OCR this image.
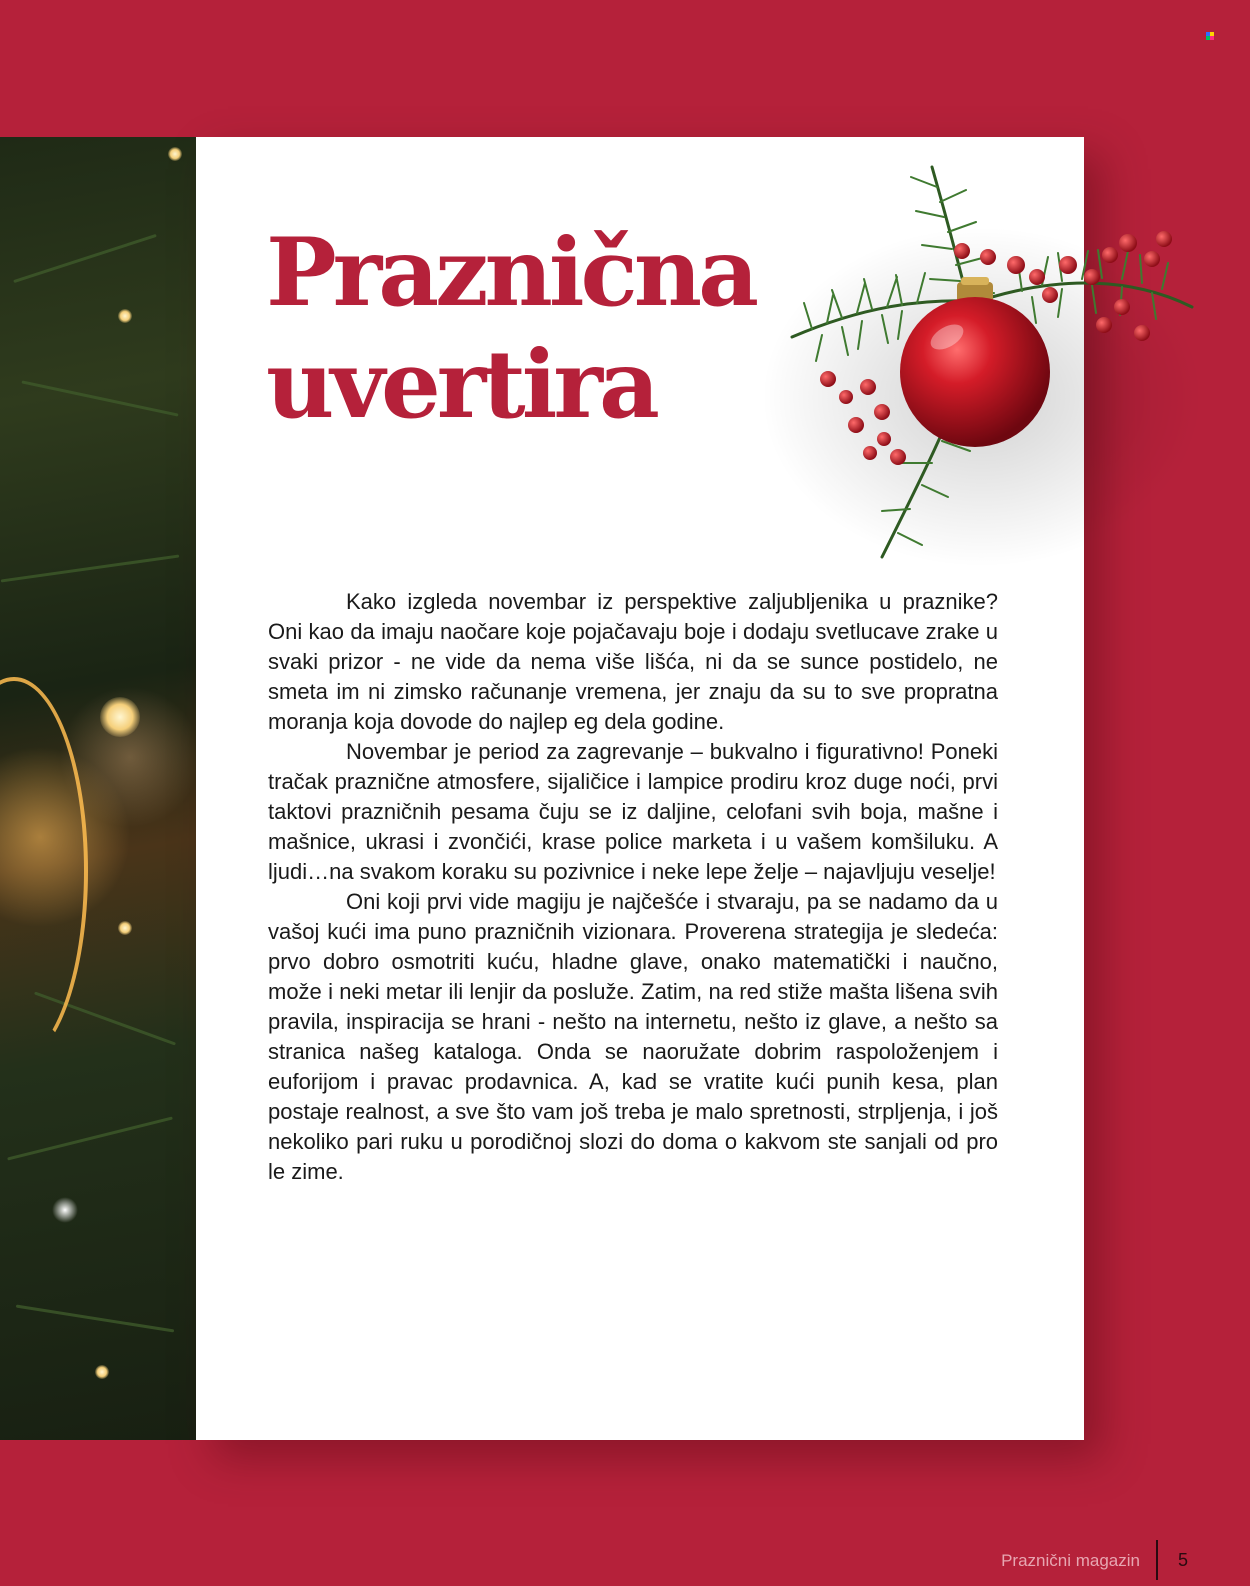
Praznična
uvertira

Kako izgleda novembar iz perspektive zaljubljenika u praznike? Oni kao da imaju naočare koje pojačavaju boje i dodaju svetlucave zrake u svaki prizor - ne vide da nema više lišća, ni da se sunce postidelo, ne smeta im ni zimsko računanje vremena, jer znaju da su to sve propratna moranja koja dovode do najlep eg dela godine.

Novembar je period za zagrevanje – bukvalno i figurativno! Poneki tračak praznične atmosfere, sijaličice i lampice prodiru kroz duge noći, prvi taktovi prazničnih pesama čuju se iz daljine, celofani svih boja, mašne i mašnice, ukrasi i zvončići, krase police marketa i u vašem komšiluku. A ljudi…na svakom koraku su pozivnice i neke lepe želje – najavljuju veselje!

Oni koji prvi vide magiju je najčešće i stvaraju, pa se nadamo da u vašoj kući ima puno prazničnih vizionara. Proverena strategija je sledeća: prvo dobro osmotriti kuću, hladne glave, onako matematički i naučno, može i neki metar ili lenjir da posluže. Zatim, na red stiže mašta lišena svih pravila, inspiracija se hrani - nešto na internetu, nešto iz glave, a nešto sa stranica našeg kataloga. Onda se naoružate dobrim raspoloženjem i euforijom i pravac prodavnica. A, kad se vratite kući punih kesa, plan postaje realnost, a sve što vam još treba je malo spretnosti, strpljenja, i još nekoliko pari ruku u porodičnoj slozi do doma o kakvom ste sanjali od pro le zime.

Praznični magazin 5
